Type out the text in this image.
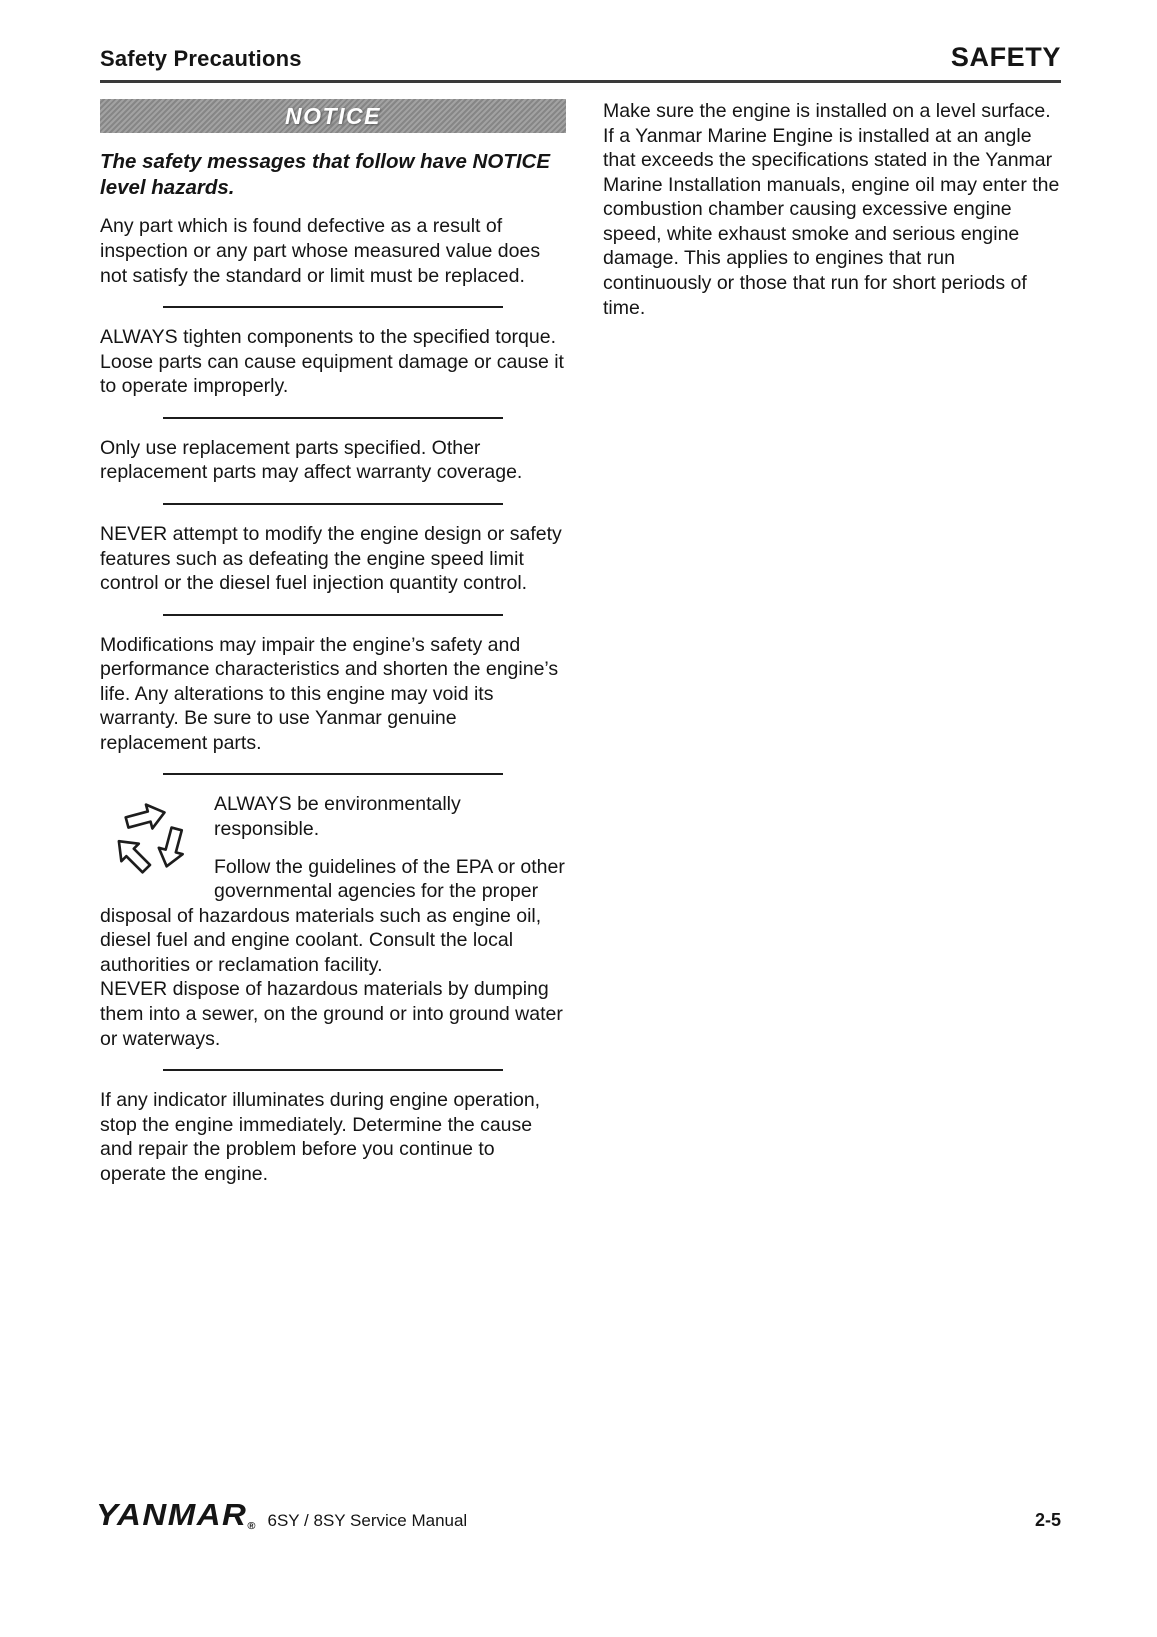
Safety Precautions	SAFETY
NOTICE
The safety messages that follow have NOTICE level hazards.

Any part which is found defective as a result of inspection or any part whose measured value does not satisfy the standard or limit must be replaced.

ALWAYS tighten components to the specified torque. Loose parts can cause equipment damage or cause it to operate improperly.

Only use replacement parts specified. Other replacement parts may affect warranty coverage.

NEVER attempt to modify the engine design or safety features such as defeating the engine speed limit control or the diesel fuel injection quantity control.

Modifications may impair the engine’s safety and performance characteristics and shorten the engine’s life. Any alterations to this engine may void its warranty. Be sure to use Yanmar genuine replacement parts.

ALWAYS be environmentally responsible.

Follow the guidelines of the EPA or other governmental agencies for the proper disposal of hazardous materials such as engine oil, diesel fuel and engine coolant. Consult the local authorities or reclamation facility.

NEVER dispose of hazardous materials by dumping them into a sewer, on the ground or into ground water or waterways.

If any indicator illuminates during engine operation, stop the engine immediately. Determine the cause and repair the problem before you continue to operate the engine.

Make sure the engine is installed on a level surface. If a Yanmar Marine Engine is installed at an angle that exceeds the specifications stated in the Yanmar Marine Installation manuals, engine oil may enter the combustion chamber causing excessive engine speed, white exhaust smoke and serious engine damage. This applies to engines that run continuously or those that run for short periods of time.

YANMAR® 6SY / 8SY Service Manual	2-5
